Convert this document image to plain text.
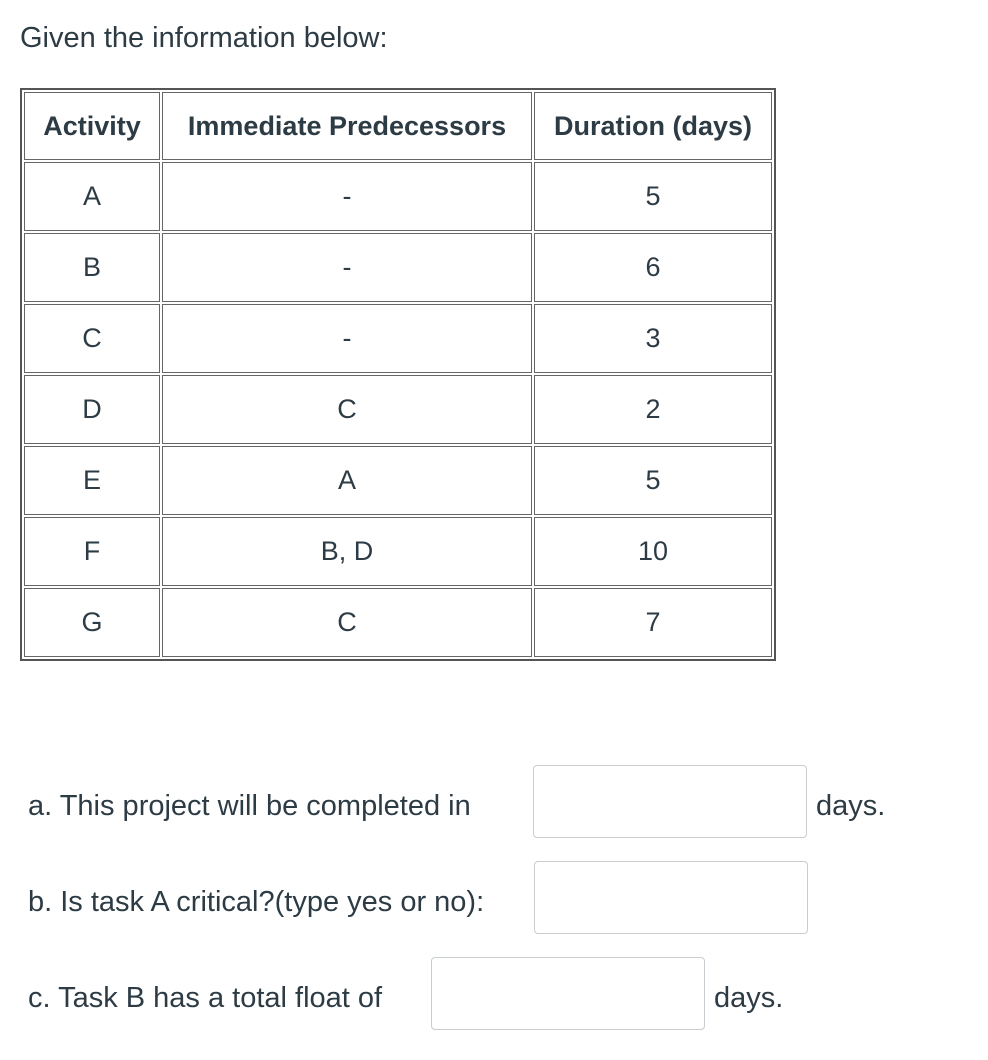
Given the information below:
Activity	Immediate Predecessors	Duration (days)
A	-	5
B	-	6
C	-	3
D	C	2
E	A	5
F	B, D	10
G	C	7
a. This project will be completed in	days.
b. Is task A critical?(type yes or no):
c. Task B has a total float of	days.
